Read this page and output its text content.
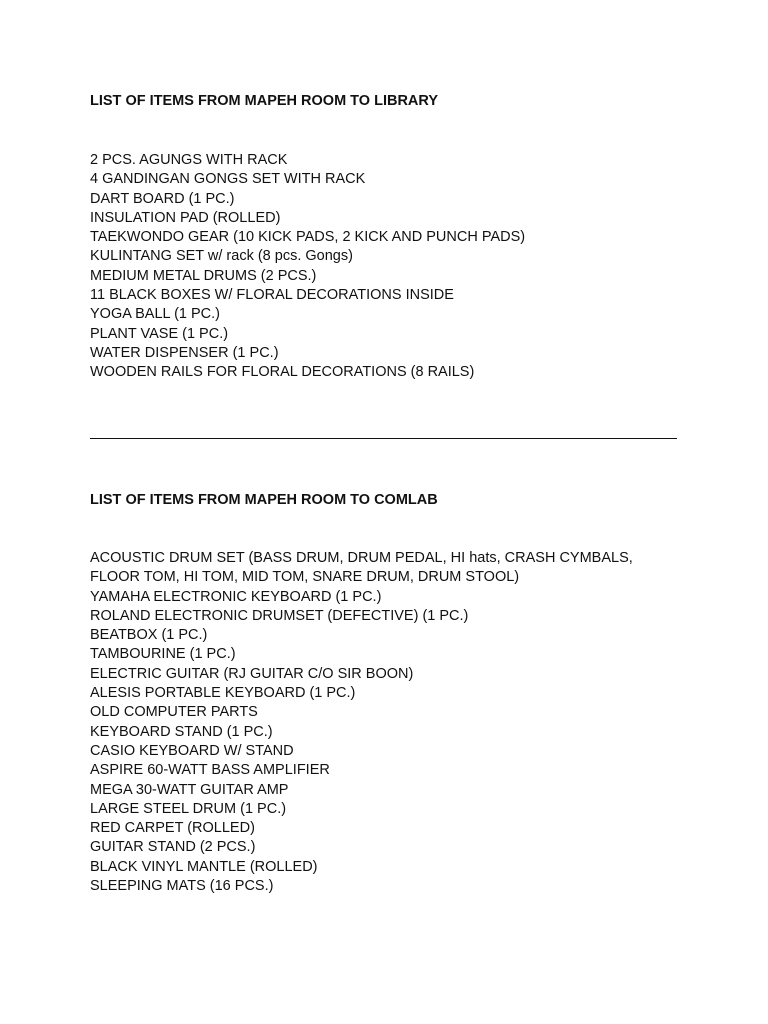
LIST OF ITEMS FROM MAPEH ROOM TO LIBRARY
2 PCS. AGUNGS WITH RACK
4 GANDINGAN GONGS SET WITH RACK
DART BOARD (1 PC.)
INSULATION PAD (ROLLED)
TAEKWONDO GEAR (10 KICK PADS, 2 KICK AND PUNCH PADS)
KULINTANG SET w/ rack (8 pcs. Gongs)
MEDIUM METAL DRUMS (2 PCS.)
11 BLACK BOXES W/ FLORAL DECORATIONS INSIDE
YOGA BALL (1 PC.)
PLANT VASE (1 PC.)
WATER DISPENSER (1 PC.)
WOODEN RAILS FOR FLORAL DECORATIONS (8 RAILS)
LIST OF ITEMS FROM MAPEH ROOM TO COMLAB
ACOUSTIC DRUM SET (BASS DRUM, DRUM PEDAL, HI hats, CRASH CYMBALS,
FLOOR TOM, HI TOM, MID TOM, SNARE DRUM, DRUM STOOL)
YAMAHA ELECTRONIC KEYBOARD (1 PC.)
ROLAND ELECTRONIC DRUMSET (DEFECTIVE) (1 PC.)
BEATBOX (1 PC.)
TAMBOURINE (1 PC.)
ELECTRIC GUITAR (RJ GUITAR C/O SIR BOON)
ALESIS PORTABLE KEYBOARD (1 PC.)
OLD COMPUTER PARTS
KEYBOARD STAND (1 PC.)
CASIO KEYBOARD W/ STAND
ASPIRE 60-WATT BASS AMPLIFIER
MEGA 30-WATT GUITAR AMP
LARGE STEEL DRUM (1 PC.)
RED CARPET (ROLLED)
GUITAR STAND (2 PCS.)
BLACK VINYL MANTLE (ROLLED)
SLEEPING MATS (16 PCS.)
